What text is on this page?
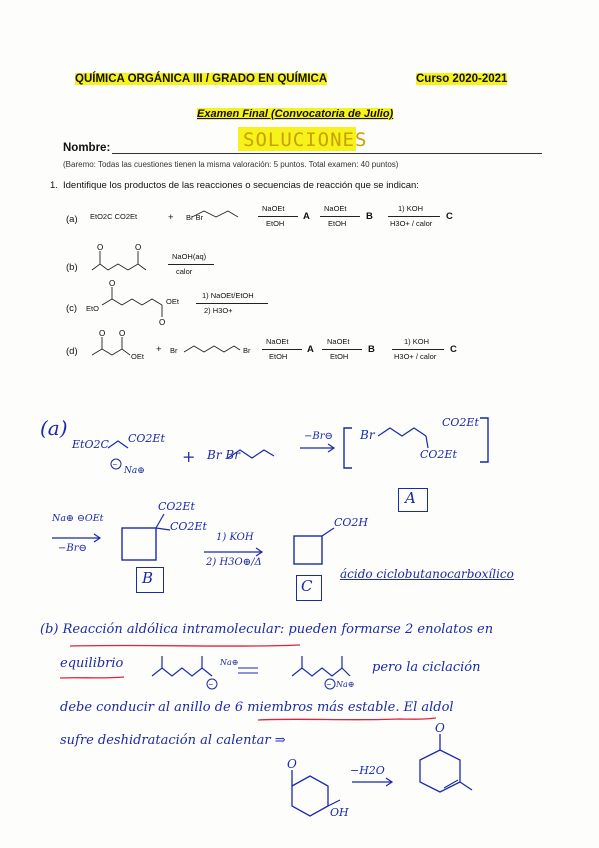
QUÍMICA ORGÁNICA III / GRADO EN QUÍMICA	Curso 2020-2021
Examen Final (Convocatoria de Julio)
SOLUCIONES
Nombre:
(Baremo: Todas las cuestiones tienen la misma valoración: 5 puntos. Total examen: 40 puntos)
1. Identifique los productos de las reacciones o secuencias de reacción que se indican:
(a) EtO2C CO2Et	+ Br Br
NaOEt
EtOH
A
NaOEt
EtOH
B
1) KOH
H3O+ / calor
C
(b)
O	O
NaOH(aq)
calor
(c) EtO
O
O
OEt
1) NaOEt/EtOH
2) H3O+
(d)
O O
OEt
+ Br	Br
NaOEt
EtOH
A
NaOEt
EtOH
B
1) KOH
H3O+ / calor
C
(a)
EtO2C
−
CO2Et
Na⊕
+ Br Br
−Br⊖ Br
CO2Et
CO2Et
A
Na⊕ ⊖OEt
−Br⊖
CO2Et
CO2Et
B
1) KOH
2) H3O⊕/Δ
CO2H
C
ácido ciclobutanocarboxílico
(b) Reacción aldólica intramolecular: pueden formarse 2 enolatos en
equilibrio
−
Na⊕
− Na⊕
pero la ciclación
debe conducir al anillo de 6 miembros más estable. El aldol
sufre deshidratación al calentar ⇒
O
OH
−H2O
O
